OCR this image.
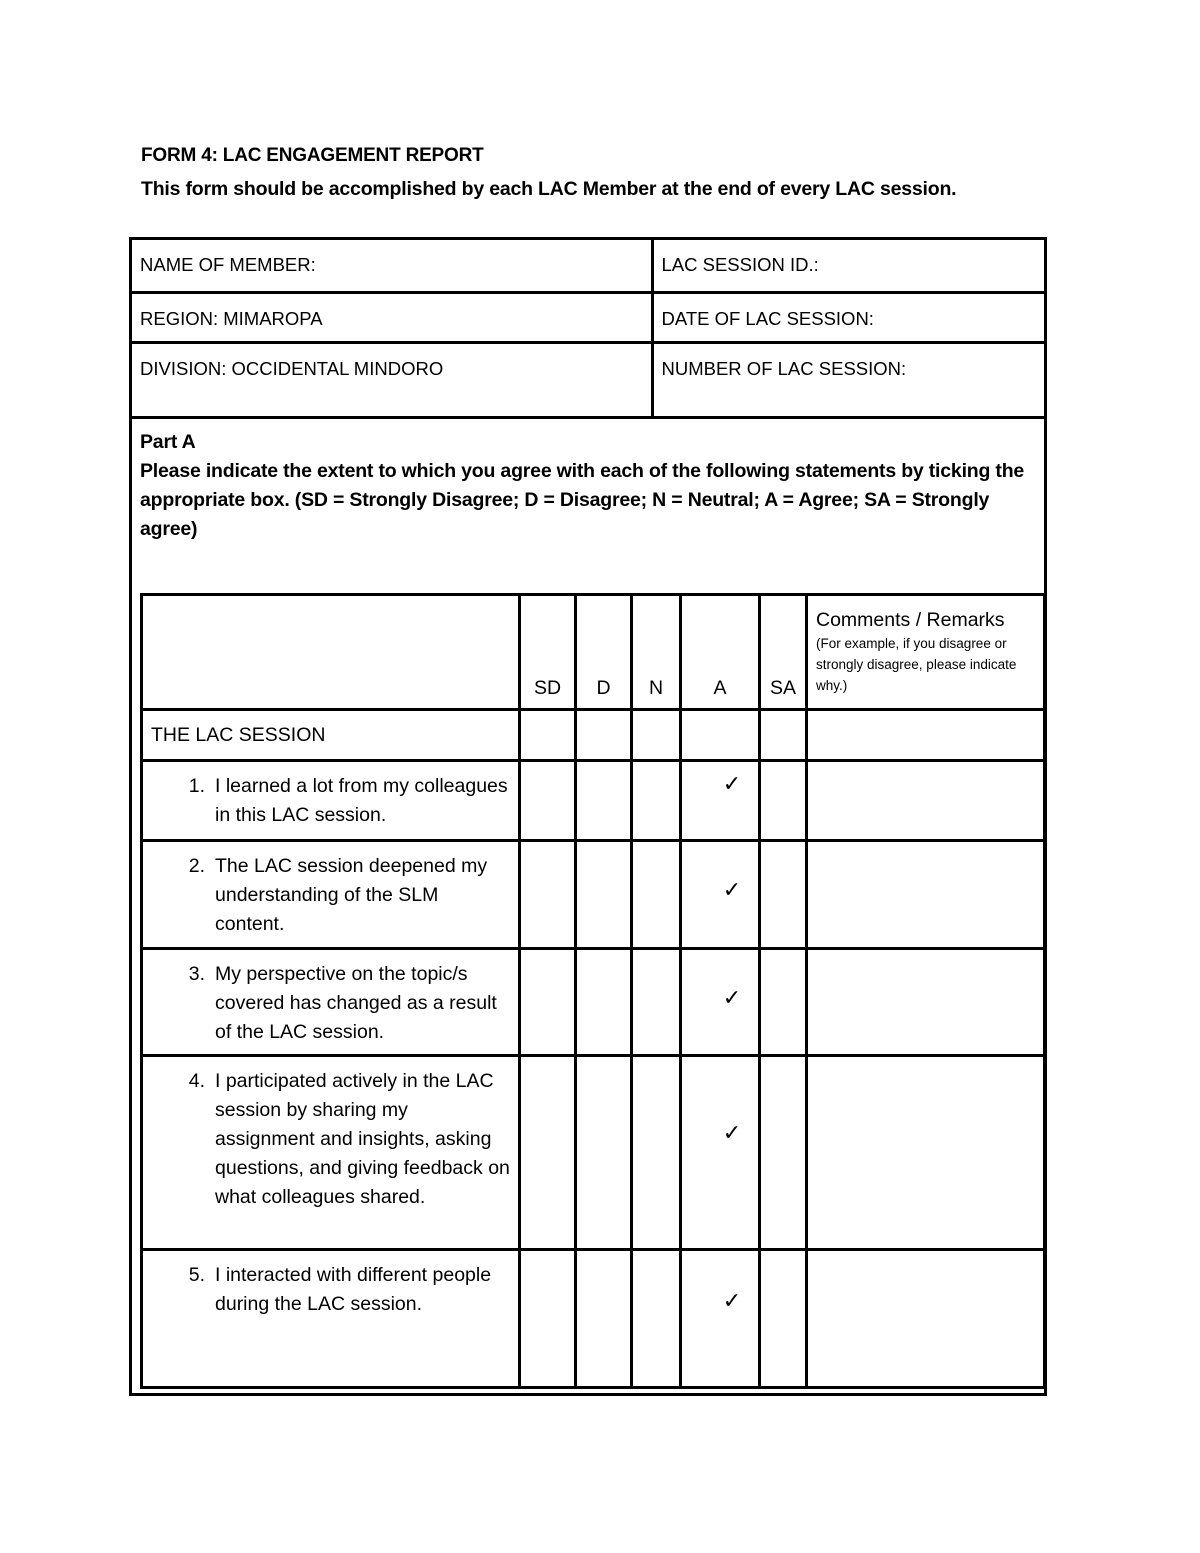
FORM 4: LAC ENGAGEMENT REPORT
This form should be accomplished by each LAC Member at the end of every LAC session.
NAME OF MEMBER:	LAC SESSION ID.:
REGION: MIMAROPA	DATE OF LAC SESSION:
DIVISION: OCCIDENTAL MINDORO	NUMBER OF LAC SESSION:
Part A
Please indicate the extent to which you agree with each of the following statements by ticking the appropriate box. (SD = Strongly Disagree; D = Disagree; N = Neutral; A = Agree; SA = Strongly agree)
	SD	D	N	A	SA	Comments / Remarks
(For example, if you disagree or strongly disagree, please indicate why.)
THE LAC SESSION						

1. I learned a lot from my colleagues in this LAC session.				✓		

2. The LAC session deepened my understanding of the SLM content.				✓		

3. My perspective on the topic/s covered has changed as a result of the LAC session.				✓		

4. I participated actively in the LAC session by sharing my assignment and insights, asking questions, and giving feedback on what colleagues shared.				✓		

5. I interacted with different people during the LAC session.				✓		
